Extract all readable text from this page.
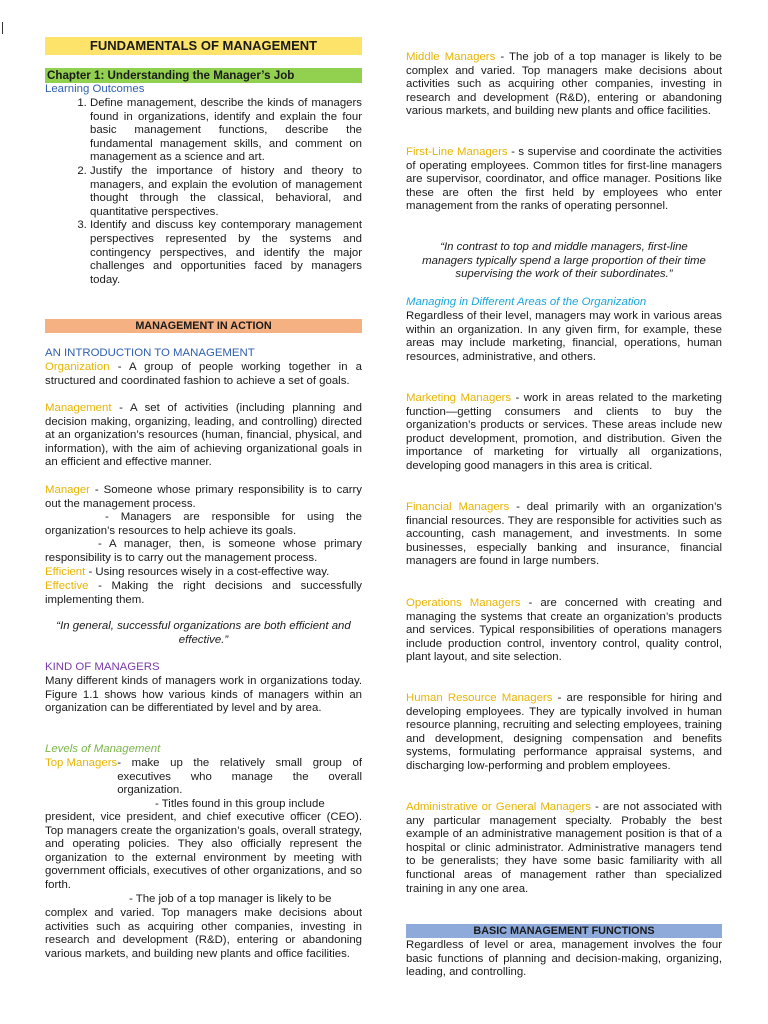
FUNDAMENTALS OF MANAGEMENT
Chapter 1: Understanding the Manager’s Job
Learning Outcomes
1. Define management, describe the kinds of managers found in organizations, identify and explain the four basic management functions, describe the fundamental management skills, and comment on management as a science and art.
2. Justify the importance of history and theory to managers, and explain the evolution of management thought through the classical, behavioral, and quantitative perspectives.
3. Identify and discuss key contemporary management perspectives represented by the systems and contingency perspectives, and identify the major challenges and opportunities faced by managers today.
MANAGEMENT IN ACTION
AN INTRODUCTION TO MANAGEMENT

Organization - A group of people working together in a structured and coordinated fashion to achieve a set of goals.

Management - A set of activities (including planning and decision making, organizing, leading, and controlling) directed at an organization’s resources (human, financial, physical, and information), with the aim of achieving organizational goals in an efficient and effective manner.

Manager - Someone whose primary responsibility is to carry out the management process.

- Managers are responsible for using the organization’s resources to help achieve its goals.

- A manager, then, is someone whose primary responsibility is to carry out the management process.

Efficient - Using resources wisely in a cost-effective way.

Effective - Making the right decisions and successfully implementing them.

“In general, successful organizations are both efficient and effective.”

KIND OF MANAGERS

Many different kinds of managers work in organizations today. Figure 1.1 shows how various kinds of managers within an organization can be differentiated by level and by area.

Levels of Management
Top Managers - make up the relatively small group of executives who manage the overall organization.

- Titles found in this group include

president, vice president, and chief executive officer (CEO). Top managers create the organization’s goals, overall strategy, and operating policies. They also officially represent the organization to the external environment by meeting with government officials, executives of other organizations, and so forth.

- The job of a top manager is likely to be

complex and varied. Top managers make decisions about activities such as acquiring other companies, investing in research and development (R&D), entering or abandoning various markets, and building new plants and office facilities.

Middle Managers - The job of a top manager is likely to be complex and varied. Top managers make decisions about activities such as acquiring other companies, investing in research and development (R&D), entering or abandoning various markets, and building new plants and office facilities.

First-Line Managers - s supervise and coordinate the activities of operating employees. Common titles for first-line managers are supervisor, coordinator, and office manager. Positions like these are often the first held by employees who enter management from the ranks of operating personnel.

“In contrast to top and middle managers, first-line managers typically spend a large proportion of their time supervising the work of their subordinates.”

Managing in Different Areas of the Organization

Regardless of their level, managers may work in various areas within an organization. In any given firm, for example, these areas may include marketing, financial, operations, human resources, administrative, and others.

Marketing Managers - work in areas related to the marketing function—getting consumers and clients to buy the organization’s products or services. These areas include new product development, promotion, and distribution. Given the importance of marketing for virtually all organizations, developing good managers in this area is critical.

Financial Managers - deal primarily with an organization’s financial resources. They are responsible for activities such as accounting, cash management, and investments. In some businesses, especially banking and insurance, financial managers are found in large numbers.

Operations Managers - are concerned with creating and managing the systems that create an organization’s products and services. Typical responsibilities of operations managers include production control, inventory control, quality control, plant layout, and site selection.

Human Resource Managers - are responsible for hiring and developing employees. They are typically involved in human resource planning, recruiting and selecting employees, training and development, designing compensation and benefits systems, formulating performance appraisal systems, and discharging low-performing and problem employees.

Administrative or General Managers - are not associated with any particular management specialty. Probably the best example of an administrative management position is that of a hospital or clinic administrator. Administrative managers tend to be generalists; they have some basic familiarity with all functional areas of management rather than specialized training in any one area.

BASIC MANAGEMENT FUNCTIONS

Regardless of level or area, management involves the four basic functions of planning and decision-making, organizing, leading, and controlling.
